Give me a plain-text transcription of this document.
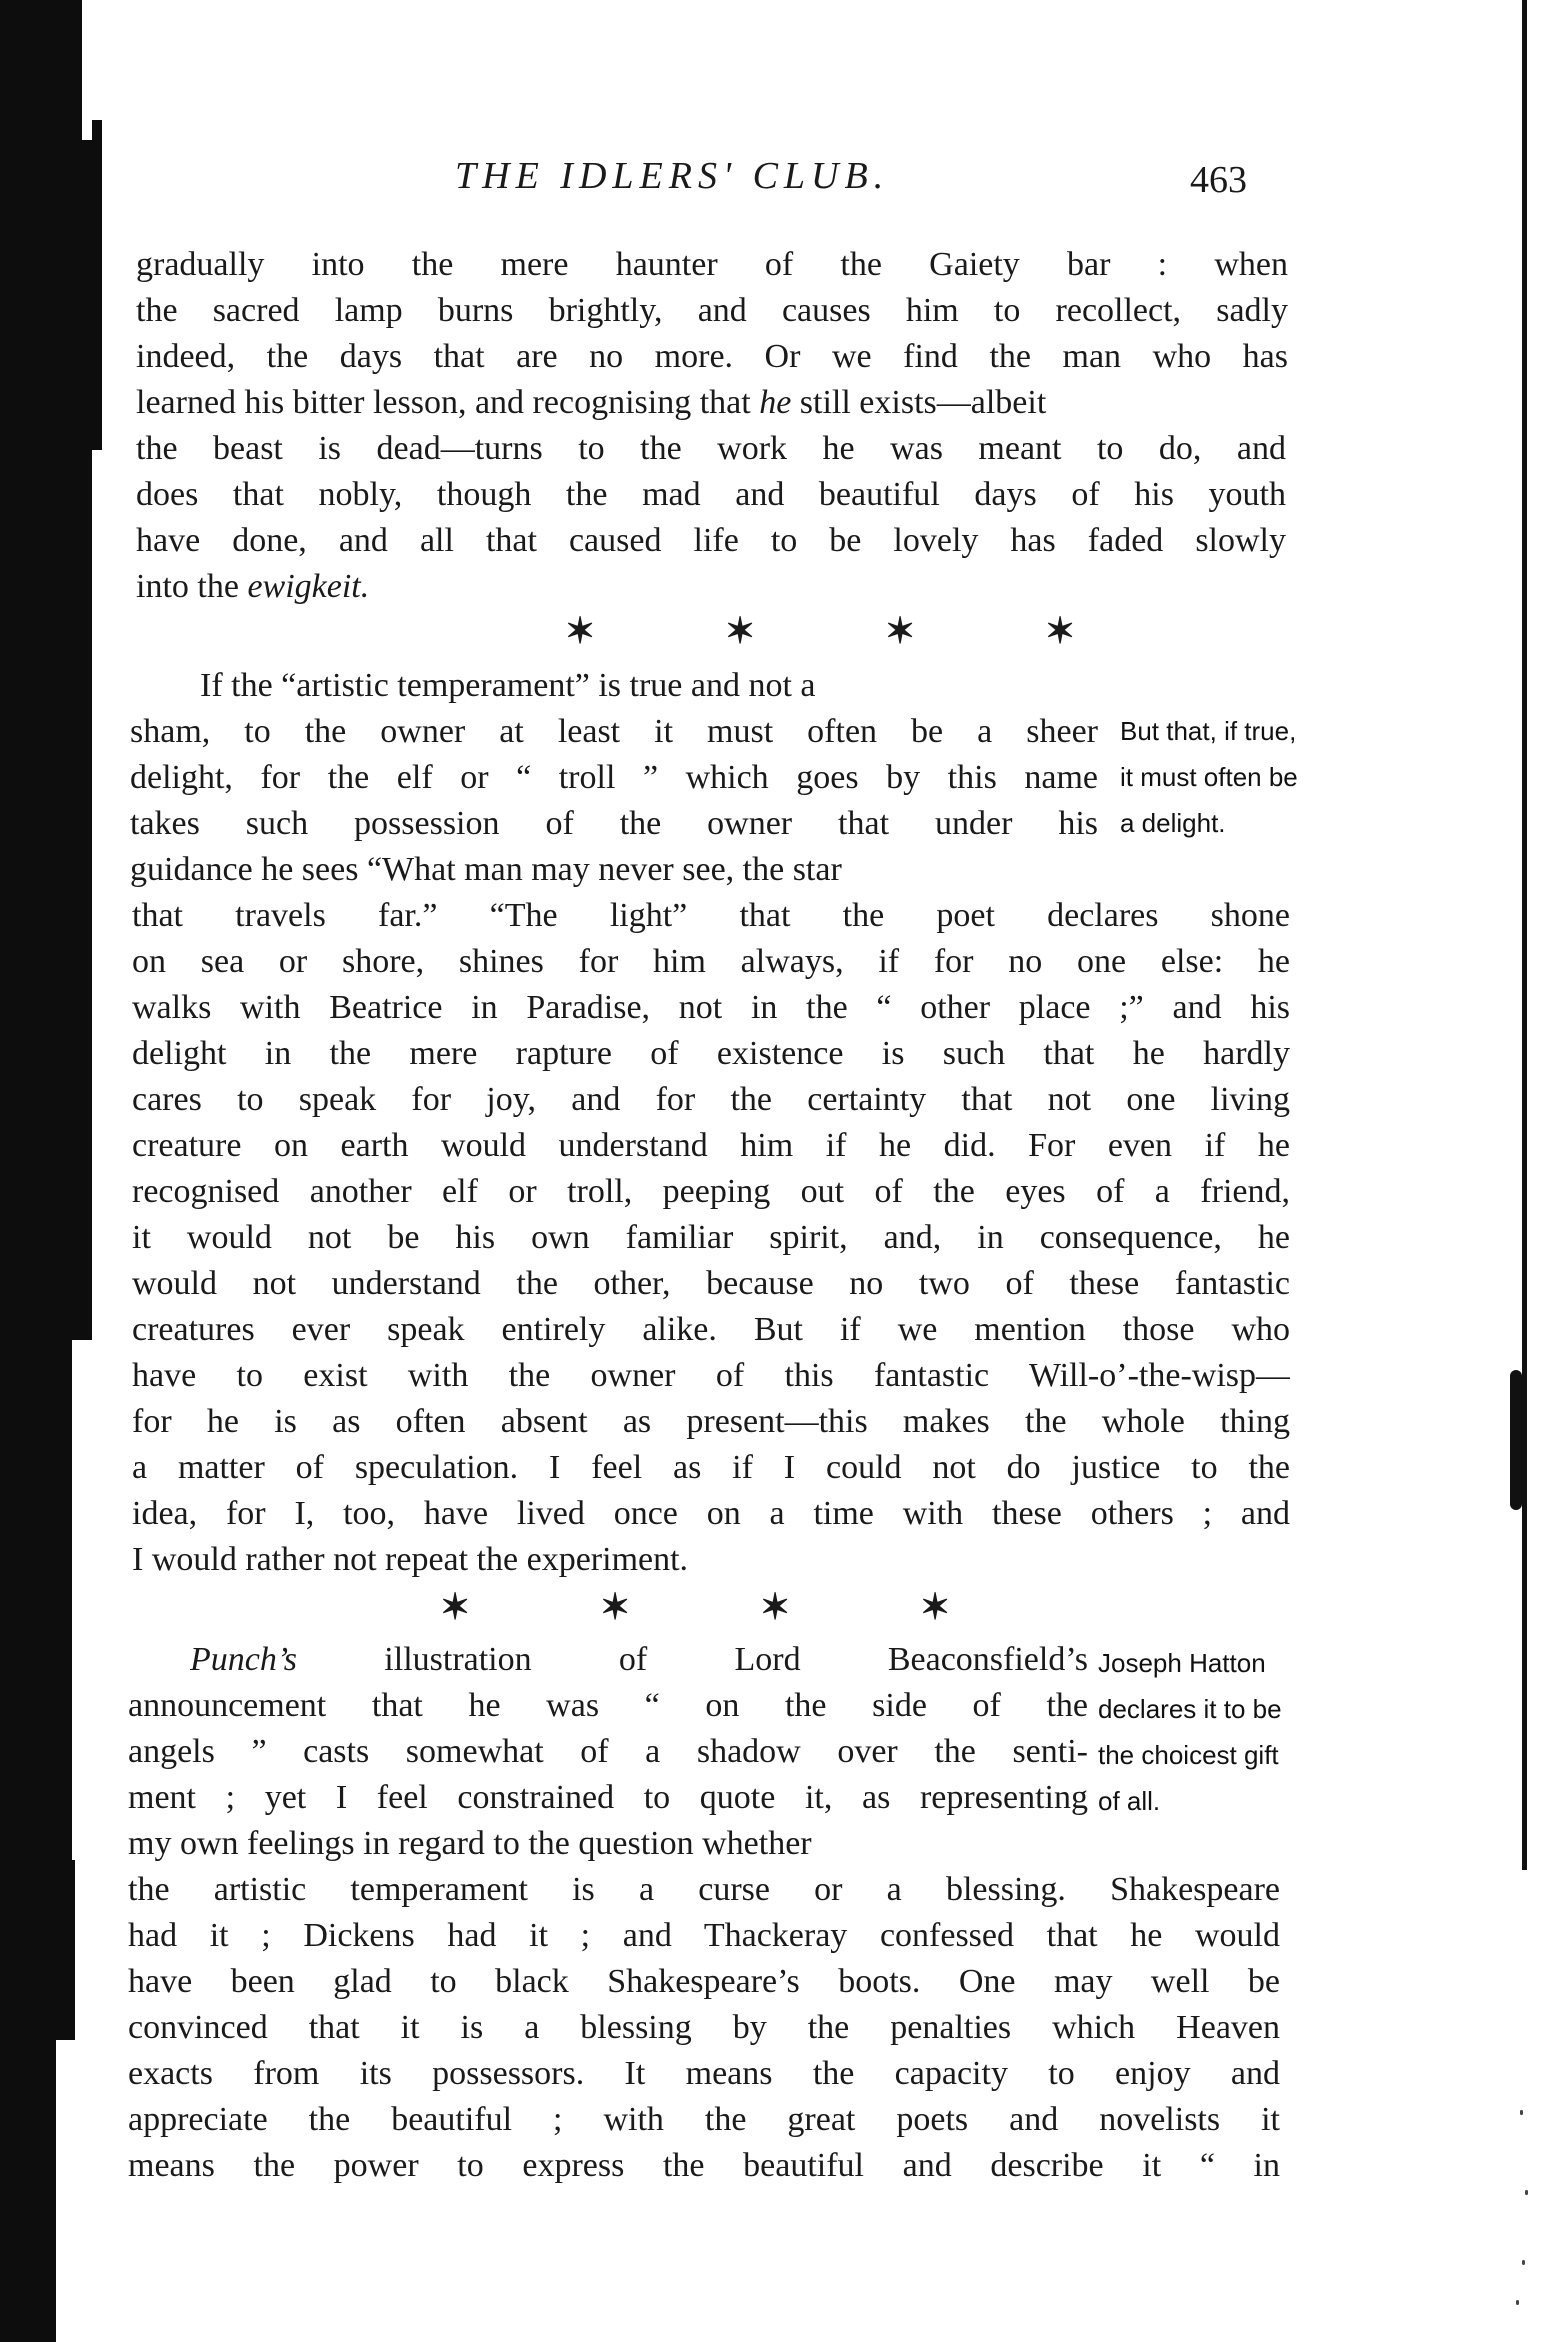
THE IDLERS' CLUB.	463
gradually into the mere haunter of the Gaiety bar : when
the sacred lamp burns brightly, and causes him to recollect, sadly
indeed, the days that are no more. Or we find the man who has
learned his bitter lesson, and recognising that he still exists—albeit
the beast is dead—turns to the work he was meant to do, and
does that nobly, though the mad and beautiful days of his youth
have done, and all that caused life to be lovely has faded slowly
into the ewigkeit.
✶	✶	✶	✶
If the “artistic temperament” is true and not a
sham, to the owner at least it must often be a sheer
delight, for the elf or “ troll ” which goes by this name
takes such possession of the owner that under his
guidance he sees “What man may never see, the star
that travels far.” “The light” that the poet declares shone
on sea or shore, shines for him always, if for no one else: he
walks with Beatrice in Paradise, not in the “ other place ;” and his
delight in the mere rapture of existence is such that he hardly
cares to speak for joy, and for the certainty that not one living
creature on earth would understand him if he did. For even if he
recognised another elf or troll, peeping out of the eyes of a friend,
it would not be his own familiar spirit, and, in consequence, he
would not understand the other, because no two of these fantastic
creatures ever speak entirely alike. But if we mention those who
have to exist with the owner of this fantastic Will-o’-the-wisp—
for he is as often absent as present—this makes the whole thing
a matter of speculation. I feel as if I could not do justice to the
idea, for I, too, have lived once on a time with these others ; and
I would rather not repeat the experiment.
But that, if true,
it must often be
a delight.
✶	✶	✶	✶
Punch’s	illustration of Lord Beaconsfield’s
announcement that he was “ on the side of the
angels ” casts somewhat of a shadow over the senti-
ment ; yet I feel constrained to quote it, as representing
my own feelings in regard to the question whether
the artistic temperament is a curse or a blessing. Shakespeare
had it ; Dickens had it ; and Thackeray confessed that he would
have been glad to black Shakespeare’s boots. One may well be
convinced that it is a blessing by the penalties which Heaven
exacts from its possessors. It means the capacity to enjoy and
appreciate the beautiful ; with the great poets and novelists it
means the power to express the beautiful and describe it “ in
Joseph Hatton
declares it to be
the choicest gift
of all.
